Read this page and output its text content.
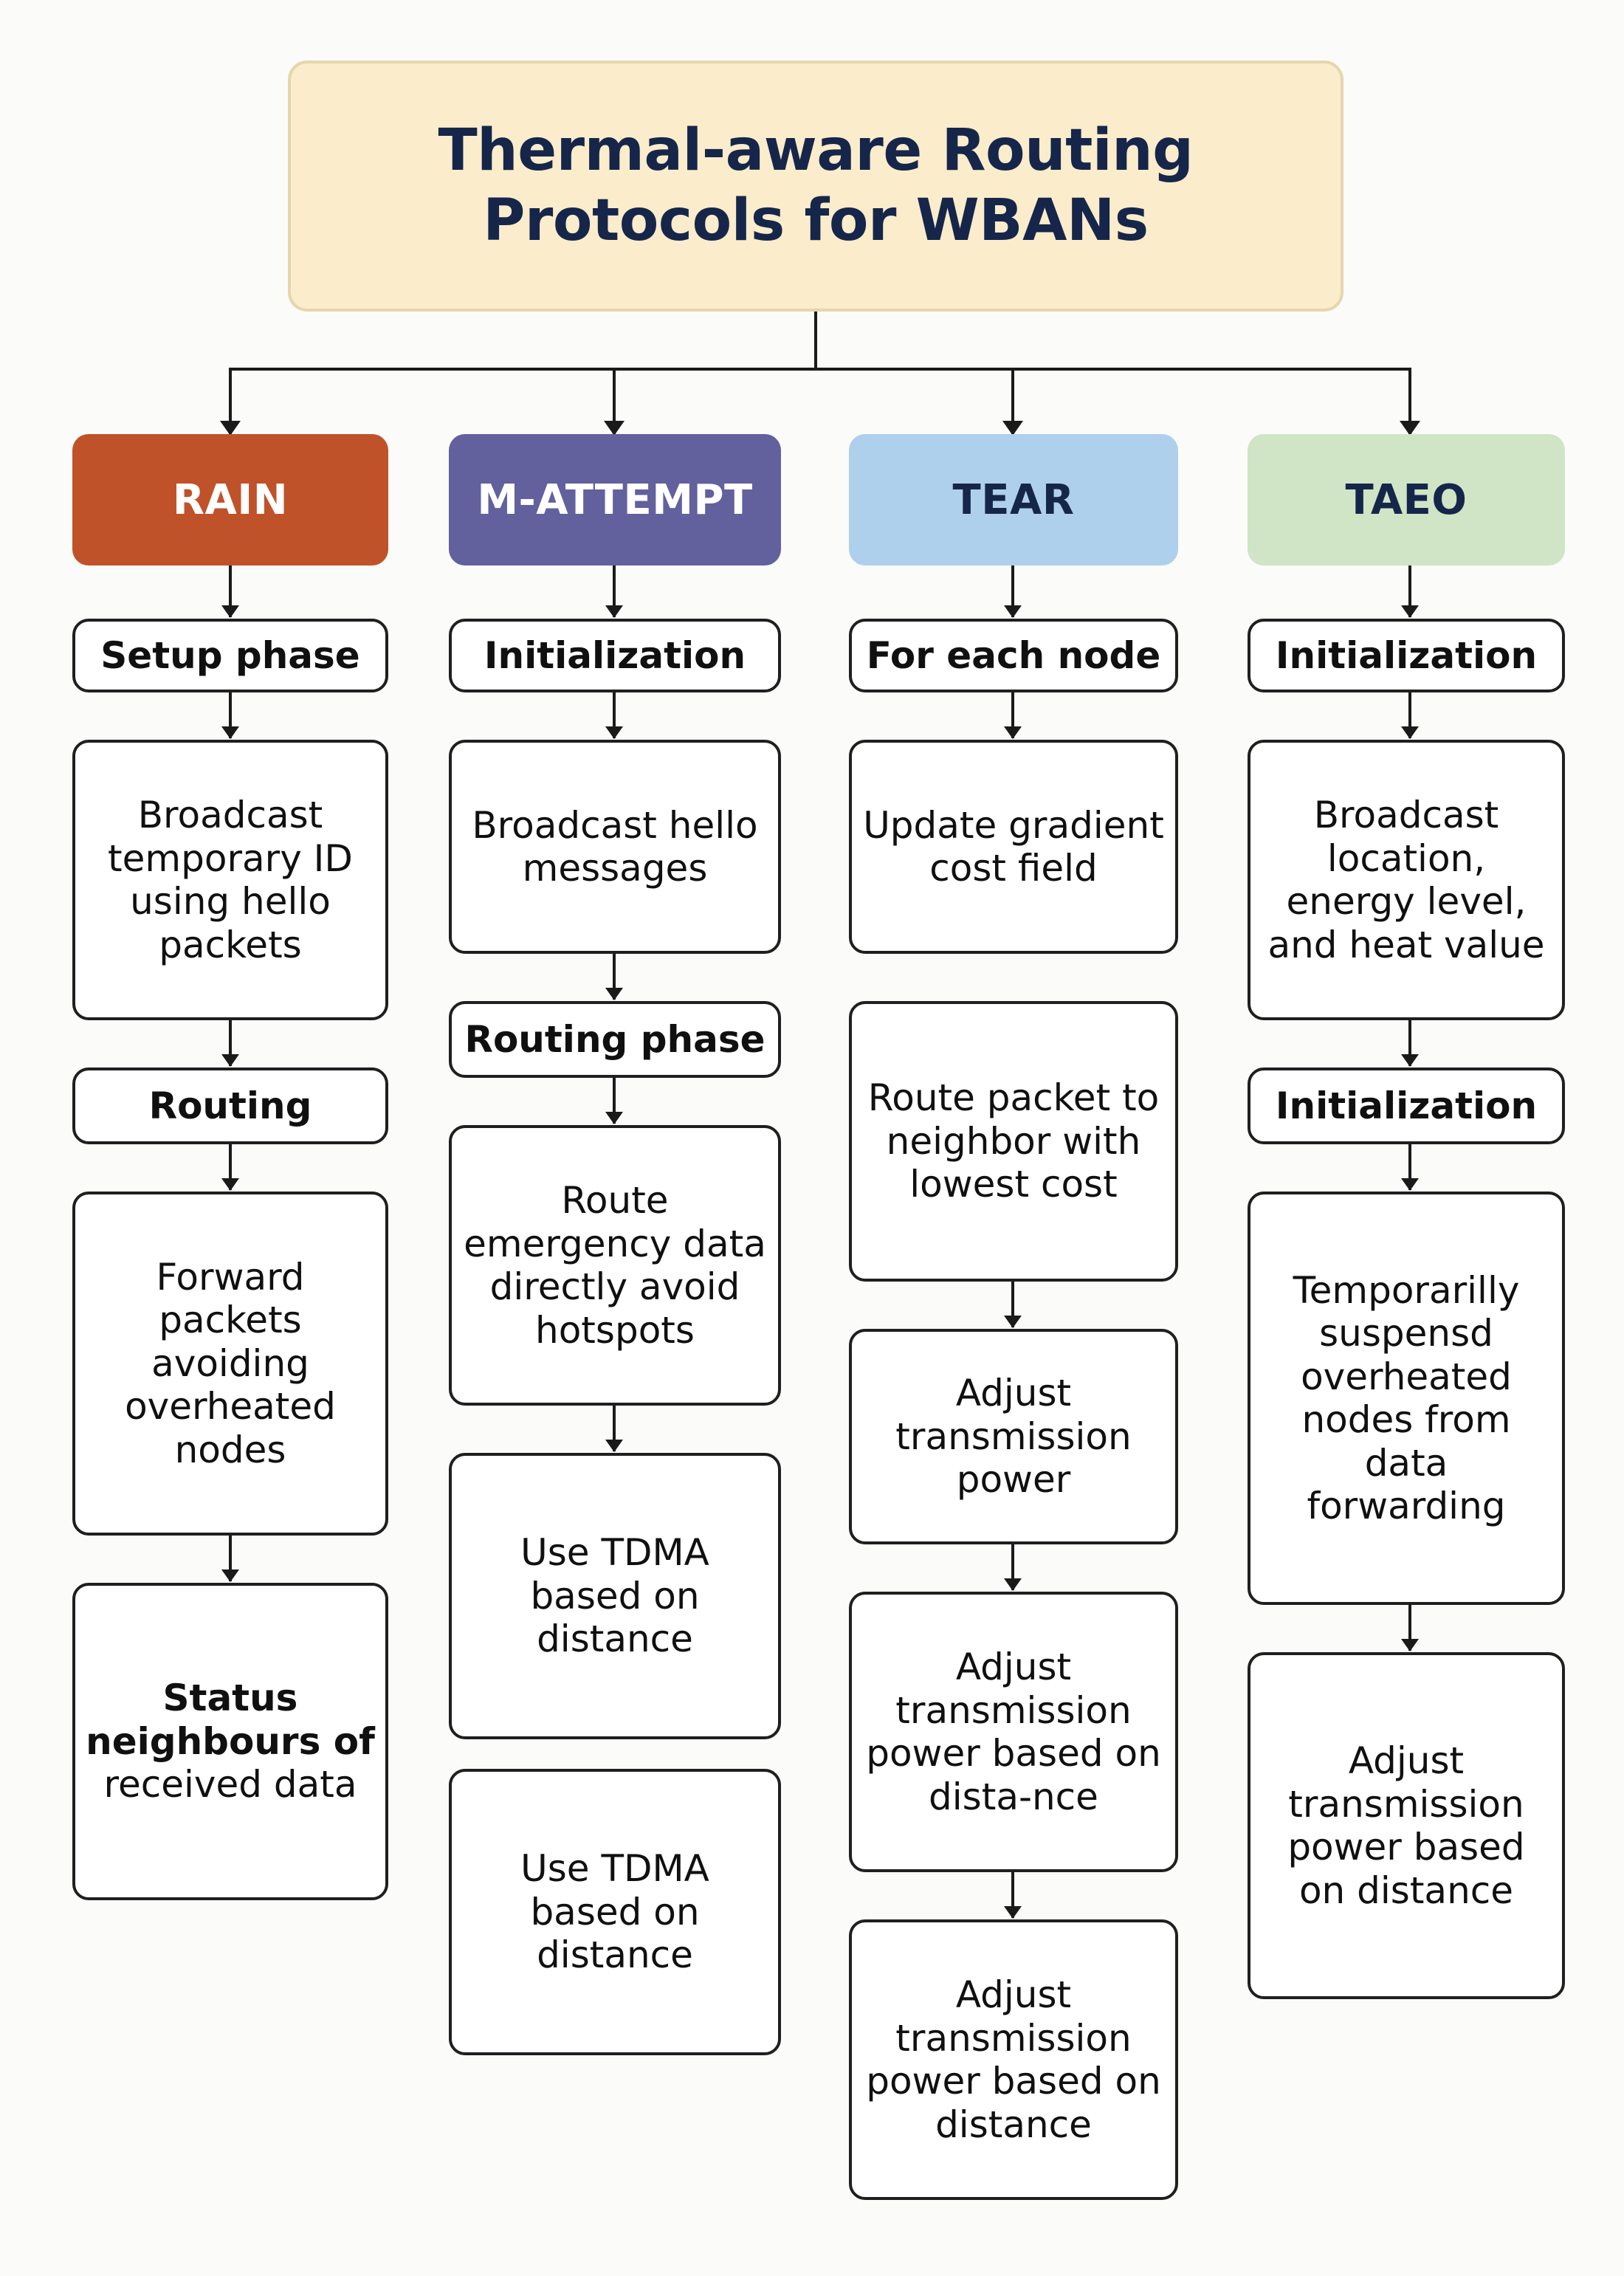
Thermal-aware Routing Protocols for WBANs
RAIN
Setup phase
Broadcast temporary ID using hello packets
Routing
Forward packets avoiding overheated nodes
Status neighbours of received data
M-ATTEMPT
Initialization
Broadcast hello messages
Routing phase
Route emergency data directly avoid hotspots
Use TDMA based on distance
Use TDMA based on distance
TEAR
For each node
Update gradient cost field
Route packet to neighbor with lowest cost
Adjust transmission power
Adjust transmission power based on dista-nce
Adjust transmission power based on distance
TAEO
Initialization
Broadcast location, energy level, and heat value
Initialization
Temporarilly suspensd overheated nodes from data forwarding
Adjust transmission power based on distance
